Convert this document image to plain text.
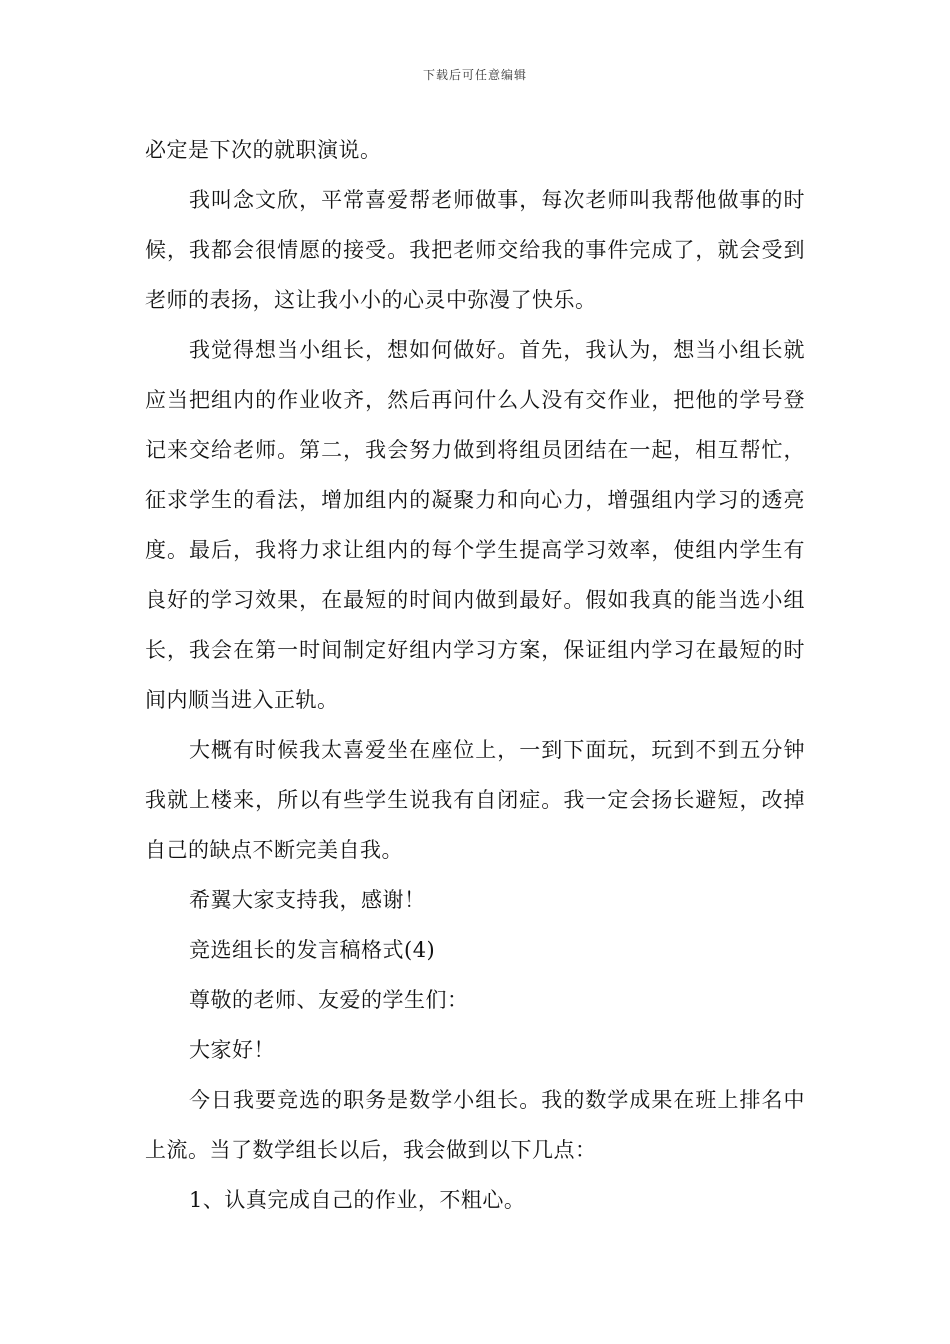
下载后可任意编辑

必定是下次的就职演说。

我叫念文欣，平常喜爱帮老师做事，每次老师叫我帮他做事的时候，我都会很情愿的接受。我把老师交给我的事件完成了，就会受到老师的表扬，这让我小小的心灵中弥漫了快乐。

我觉得想当小组长，想如何做好。首先，我认为，想当小组长就应当把组内的作业收齐，然后再问什么人没有交作业，把他的学号登记来交给老师。第二，我会努力做到将组员团结在一起，相互帮忙，征求学生的看法，增加组内的凝聚力和向心力，增强组内学习的透亮度。最后，我将力求让组内的每个学生提高学习效率，使组内学生有良好的学习效果，在最短的时间内做到最好。假如我真的能当选小组长，我会在第一时间制定好组内学习方案，保证组内学习在最短的时间内顺当进入正轨。

大概有时候我太喜爱坐在座位上，一到下面玩，玩到不到五分钟我就上楼来，所以有些学生说我有自闭症。我一定会扬长避短，改掉自己的缺点不断完美自我。

希翼大家支持我，感谢！

竞选组长的发言稿格式(4)

尊敬的老师、友爱的学生们：

大家好！

今日我要竞选的职务是数学小组长。我的数学成果在班上排名中上流。当了数学组长以后，我会做到以下几点：

1、认真完成自己的作业，不粗心。
